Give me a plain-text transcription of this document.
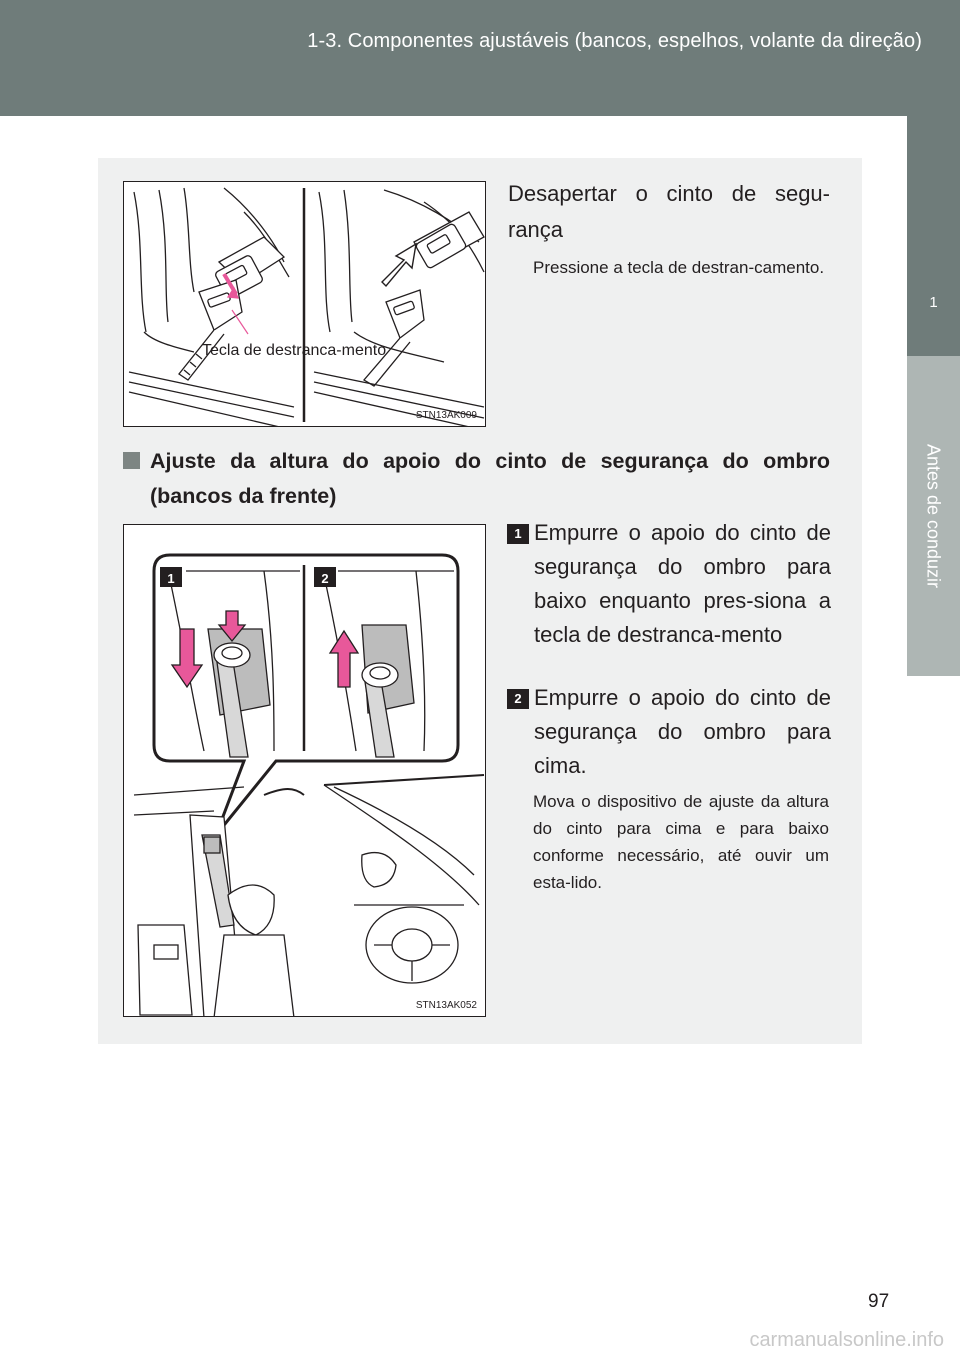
1-3. Componentes ajustáveis (bancos, espelhos, volante da direção)
1
Antes de conduzir
Tecla de destranca-mento
STN13AK009
Desapertar o cinto de segu-rança
Pressione a tecla de destran-camento.
Ajuste da altura do apoio do cinto de segurança do ombro (bancos da frente)
1	2
STN13AK052
1 Empurre o apoio do cinto de segurança do ombro para baixo enquanto pres-siona a tecla de destranca-mento
2 Empurre o apoio do cinto de segurança do ombro para cima.
Mova o dispositivo de ajuste da altura do cinto para cima e para baixo conforme necessário, até ouvir um esta-lido.
97
carmanualsonline.info
